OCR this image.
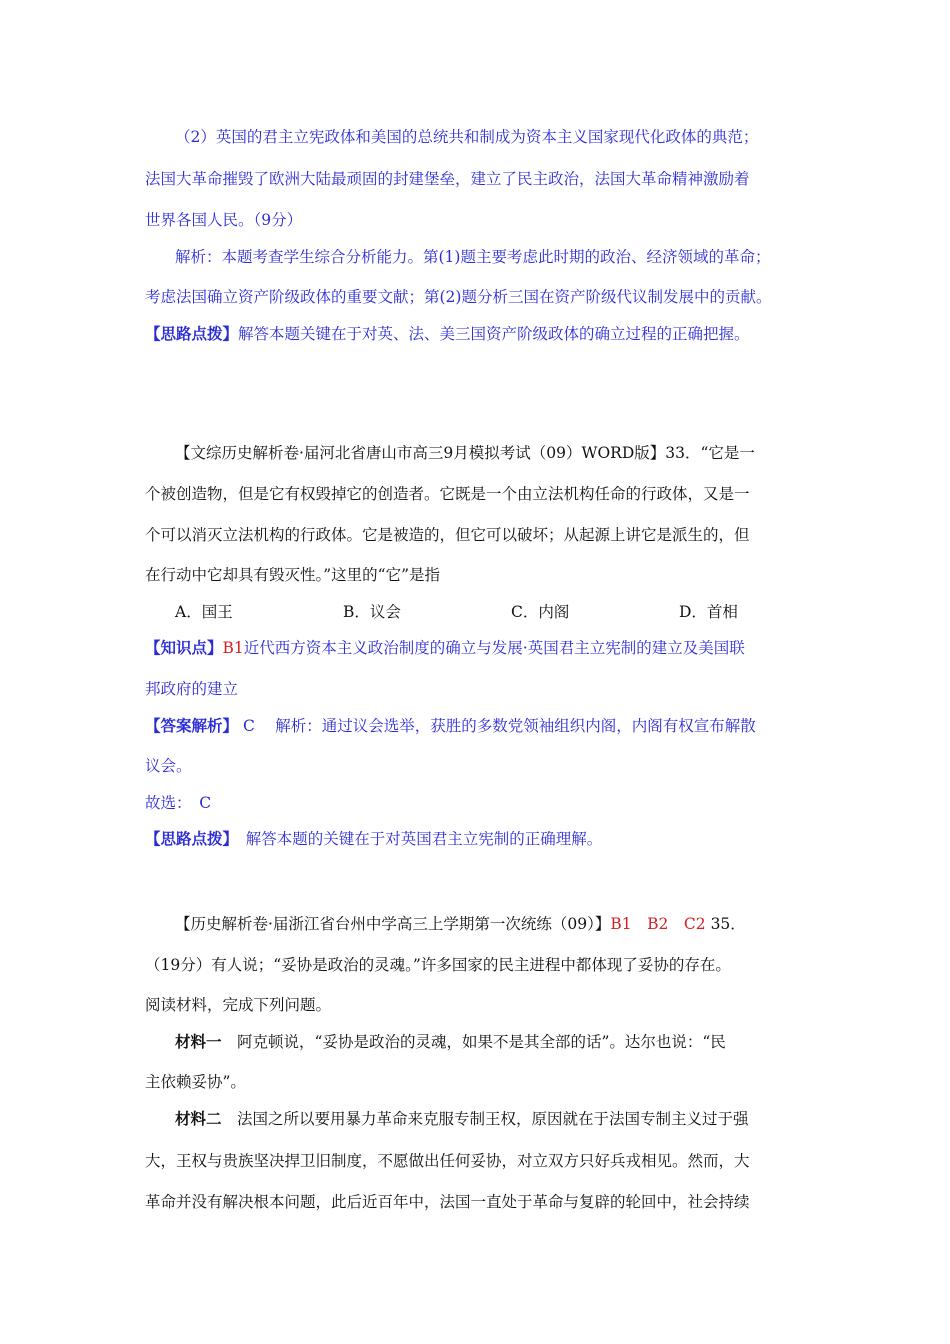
（2）英国的君主立宪政体和美国的总统共和制成为资本主义国家现代化政体的典范；
法国大革命摧毁了欧洲大陆最顽固的封建堡垒，建立了民主政治，法国大革命精神激励着
世界各国人民。（9分）
解析：本题考查学生综合分析能力。第(1)题主要考虑此时期的政治、经济领域的革命；
考虑法国确立资产阶级政体的重要文献；第(2)题分析三国在资产阶级代议制发展中的贡献。
【思路点拨】解答本题关键在于对英、法、美三国资产阶级政体的确立过程的正确把握。
【文综历史解析卷·届河北省唐山市高三9月模拟考试（09）WORD版】33．“它是一
个被创造物，但是它有权毁掉它的创造者。它既是一个由立法机构任命的行政体，又是一
个可以消灭立法机构的行政体。它是被造的，但它可以破坏；从起源上讲它是派生的，但
在行动中它却具有毁灭性。”这里的“它”是指
A．国王	B．议会	C．内阁	D．首相
【知识点】B1近代西方资本主义政治制度的确立与发展·英国君主立宪制的建立及美国联
邦政府的建立
【答案解析】 C　 解析：通过议会选举，获胜的多数党领袖组织内阁，内阁有权宣布解散
议会。
故选：　C
【思路点拨】　解答本题的关键在于对英国君主立宪制的正确理解。
【历史解析卷·届浙江省台州中学高三上学期第一次统练（09）】B1　B2　C2 35．
（19分）有人说；“妥协是政治的灵魂。”许多国家的民主进程中都体现了妥协的存在。
阅读材料，完成下列问题。
材料一　阿克顿说，“妥协是政治的灵魂，如果不是其全部的话”。达尔也说：“民
主依赖妥协”。
材料二　法国之所以要用暴力革命来克服专制王权，原因就在于法国专制主义过于强
大，王权与贵族坚决捍卫旧制度，不愿做出任何妥协，对立双方只好兵戎相见。然而，大
革命并没有解决根本问题，此后近百年中，法国一直处于革命与复辟的轮回中，社会持续
